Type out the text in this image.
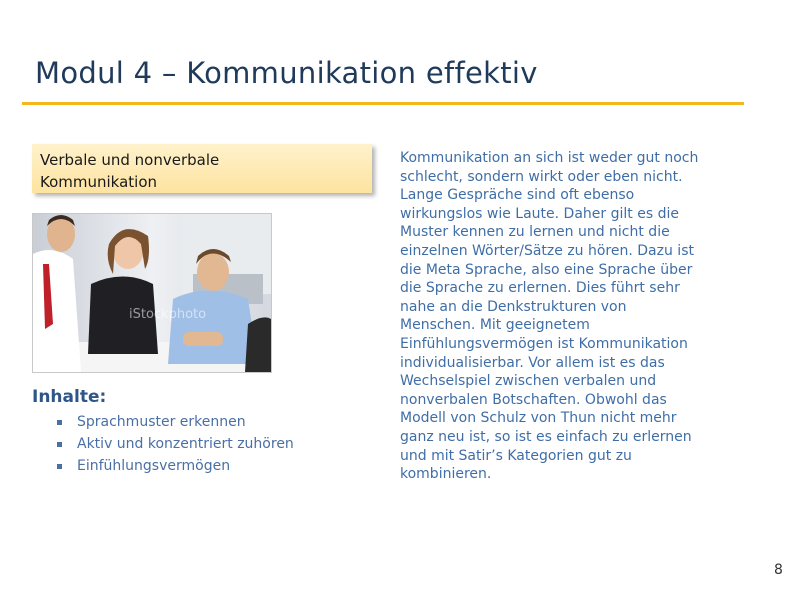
Modul 4 – Kommunikation effektiv
Verbale und nonverbale
Kommunikation
iStockphoto
Inhalte:
Sprachmuster erkennen
Aktiv und konzentriert zuhören
Einfühlungsvermögen
Kommunikation an sich ist weder gut noch
schlecht, sondern wirkt oder eben nicht.
Lange Gespräche sind oft ebenso
wirkungslos wie Laute. Daher gilt es die
Muster kennen zu lernen und nicht die
einzelnen Wörter/Sätze zu hören. Dazu ist
die Meta Sprache, also eine Sprache über
die Sprache zu erlernen. Dies führt sehr
nahe an die Denkstrukturen von
Menschen. Mit geeignetem
Einfühlungsvermögen ist Kommunikation
individualisierbar. Vor allem ist es das
Wechselspiel zwischen verbalen und
nonverbalen Botschaften. Obwohl das
Modell von Schulz von Thun nicht mehr
ganz neu ist, so ist es einfach zu erlernen
und mit Satir’s Kategorien gut zu
kombinieren.
8
